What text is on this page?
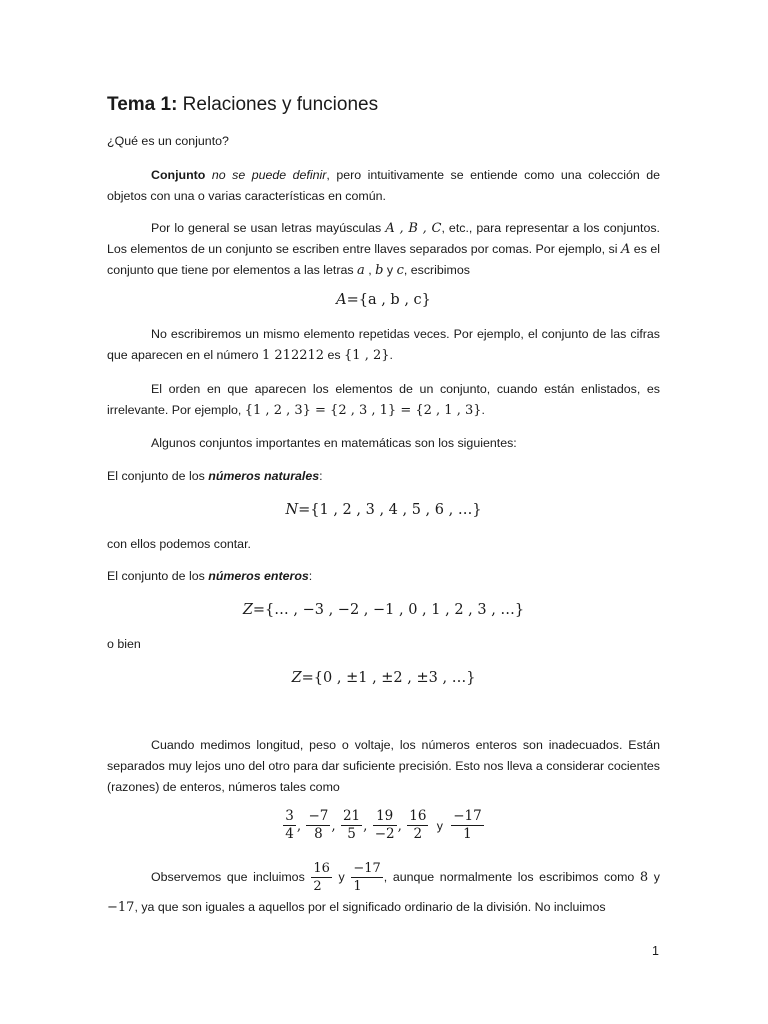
Tema 1: Relaciones y funciones
¿Qué es un conjunto?
Conjunto no se puede definir, pero intuitivamente se entiende como una colección de objetos con una o varias características en común.
Por lo general se usan letras mayúsculas A , B , C, etc., para representar a los conjuntos. Los elementos de un conjunto se escriben entre llaves separados por comas. Por ejemplo, si A es el conjunto que tiene por elementos a las letras a , b y c, escribimos
A={a , b , c}
No escribiremos un mismo elemento repetidas veces. Por ejemplo, el conjunto de las cifras que aparecen en el número 1 212212 es {1 , 2}.
El orden en que aparecen los elementos de un conjunto, cuando están enlistados, es irrelevante. Por ejemplo, {1 , 2 , 3} = {2 , 3 , 1} = {2 , 1 , 3}.
Algunos conjuntos importantes en matemáticas son los siguientes:
El conjunto de los números naturales:
N={1 , 2 , 3 , 4 , 5 , 6 , …}
con ellos podemos contar.
El conjunto de los números enteros:
Z={… , −3 , −2 , −1 , 0 , 1 , 2 , 3 , …}
o bien
Z={0 , ±1 , ±2 , ±3 , …}
Cuando medimos longitud, peso o voltaje, los números enteros son inadecuados. Están separados muy lejos uno del otro para dar suficiente precisión. Esto nos lleva a considerar cocientes (razones) de enteros, números tales como
$\frac{3}{4}$ , $\frac{-7}{8}$ , $\frac{21}{5}$ , $\frac{19}{-2}$ , $\frac{16}{2}$ y $\frac{-17}{1}$
Observemos que incluimos $\frac{16}{2}$ y $\frac{-17}{1}$ , aunque normalmente los escribimos como 8 y −17, ya que son iguales a aquellos por el significado ordinario de la división. No incluimos
1
